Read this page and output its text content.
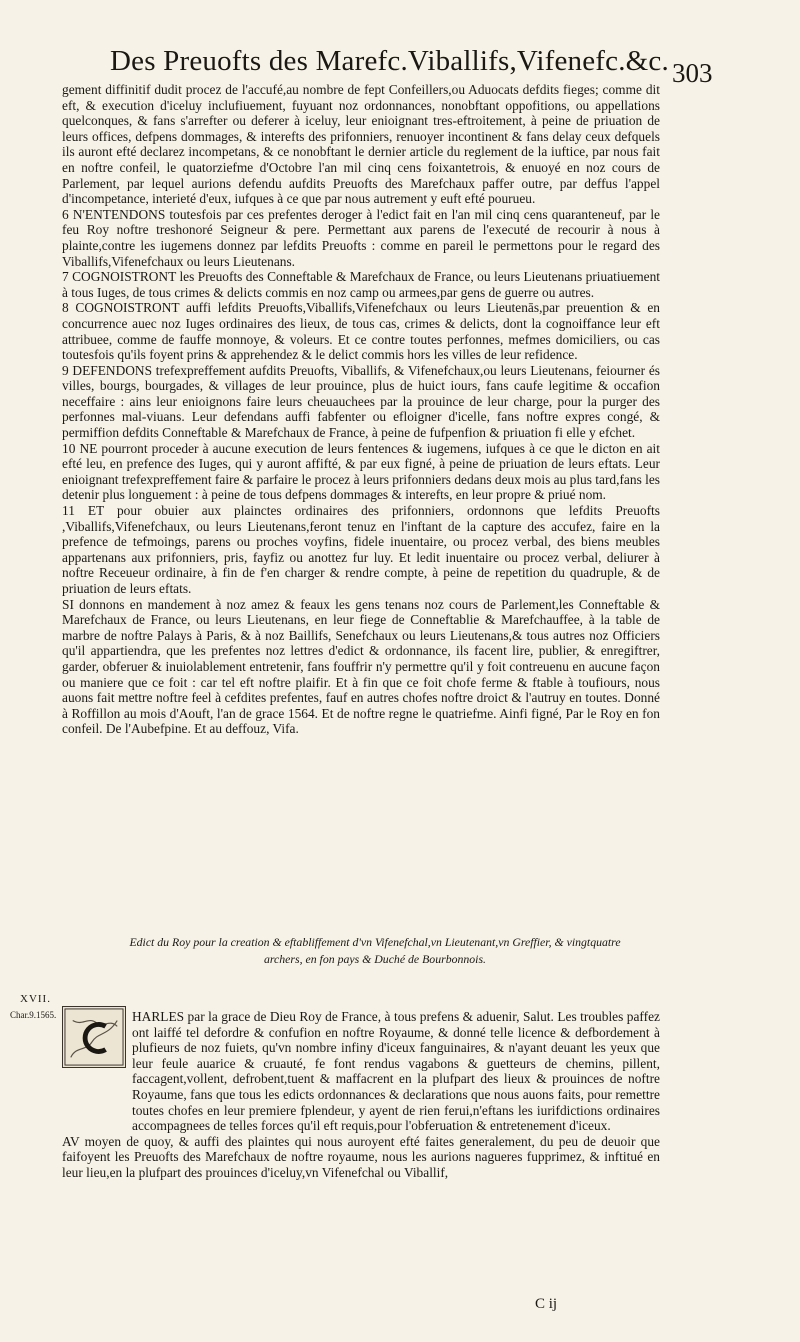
Des Preuofts des Marefc.Viballifs,Vifenefc.&c. 303

gement diffinitif dudit procez de l'accufé,au nombre de fept Confeillers,ou Aduocats defdits fieges; comme dit eft, & execution d'iceluy inclufiuement, fuyuant noz ordonnances, nonobftant oppofitions, ou appellations quelconques, & fans s'arrefter ou deferer à iceluy, leur enioignant tres-eftroitement, à peine de priuation de leurs offices, defpens dommages, & interefts des prifonniers, renuoyer incontinent & fans delay ceux defquels ils auront efté declarez incompetans, & ce nonobftant le dernier article du reglement de la iuftice, par nous fait en noftre confeil, le quatorziefme d'Octobre l'an mil cinq cens foixantetrois, & enuoyé en noz cours de Parlement, par lequel aurions defendu aufdits Preuofts des Marefchaux paffer outre, par deffus l'appel d'incompetance, interieté d'eux, iufques à ce que par nous autrement y euft efté pourueu.

6 N'ENTENDONS toutesfois par ces prefentes deroger à l'edict fait en l'an mil cinq cens quaranteneuf, par le feu Roy noftre treshonoré Seigneur & pere. Permettant aux parens de l'executé de recourir à nous à plainte,contre les iugemens donnez par lefdits Preuofts : comme en pareil le permettons pour le regard des Viballifs,Vifenefchaux ou leurs Lieutenans.

7 COGNOISTRONT les Preuofts des Conneftable & Marefchaux de France, ou leurs Lieutenans priuatiuement à tous Iuges, de tous crimes & delicts commis en noz camp ou armees,par gens de guerre ou autres.

8 COGNOISTRONT auffi lefdits Preuofts,Viballifs,Vifenefchaux ou leurs Lieutenās,par preuention & en concurrence auec noz Iuges ordinaires des lieux, de tous cas, crimes & delicts, dont la cognoiffance leur eft attribuee, comme de fauffe monnoye, & voleurs. Et ce contre toutes perfonnes, mefmes domiciliers, ou cas toutesfois qu'ils foyent prins & apprehendez & le delict commis hors les villes de leur refidence.

9 DEFENDONS trefexpreffement aufdits Preuofts, Viballifs, & Vifenefchaux,ou leurs Lieutenans, feiourner és villes, bourgs, bourgades, & villages de leur prouince, plus de huict iours, fans caufe legitime & occafion neceffaire : ains leur enioignons faire leurs cheuauchees par la prouince de leur charge, pour la purger des perfonnes mal-viuans. Leur defendans auffi fabfenter ou efloigner d'icelle, fans noftre expres congé, & permiffion defdits Conneftable & Marefchaux de France, à peine de fufpenfion & priuation fi elle y efchet.

10 NE pourront proceder à aucune execution de leurs fentences & iugemens, iufques à ce que le dicton en ait efté leu, en prefence des Iuges, qui y auront affifté, & par eux figné, à peine de priuation de leurs eftats. Leur enioignant trefexpreffement faire & parfaire le procez à leurs prifonniers dedans deux mois au plus tard,fans les detenir plus longuement : à peine de tous defpens dommages & interefts, en leur propre & priué nom.

11 ET pour obuier aux plainctes ordinaires des prifonniers, ordonnons que lefdits Preuofts ,Viballifs,Vifenefchaux, ou leurs Lieutenans,feront tenuz en l'inftant de la capture des accufez, faire en la prefence de tefmoings, parens ou proches voyfins, fidele inuentaire, ou procez verbal, des biens meubles appartenans aux prifonniers, pris, fayfiz ou anottez fur luy. Et ledit inuentaire ou procez verbal, deliurer à noftre Receueur ordinaire, à fin de f'en charger & rendre compte, à peine de repetition du quadruple, & de priuation de leurs eftats.

SI donnons en mandement à noz amez & feaux les gens tenans noz cours de Parlement,les Conneftable & Marefchaux de France, ou leurs Lieutenans, en leur fiege de Conneftablie & Marefchauffee, à la table de marbre de noftre Palays à Paris, & à noz Baillifs, Senefchaux ou leurs Lieutenans,& tous autres noz Officiers qu'il appartiendra, que les prefentes noz lettres d'edict & ordonnance, ils facent lire, publier, & enregiftrer, garder, obferuer & inuiolablement entretenir, fans fouffrir n'y permettre qu'il y foit contreuenu en aucune façon ou maniere que ce foit : car tel eft noftre plaifir. Et à fin que ce foit chofe ferme & ftable à toufiours, nous auons fait mettre noftre feel à cefdites prefentes, fauf en autres chofes noftre droict & l'autruy en toutes. Donné à Roffillon au mois d'Aouft, l'an de grace 1564. Et de noftre regne le quatriefme. Ainfi figné, Par le Roy en fon confeil. De l'Aubefpine. Et au deffouz, Vifa.

Edict du Roy pour la creation & eftabliffement d'vn Vifenefchal,vn Lieutenant,vn Greffier, & vingtquatre archers, en fon pays & Duché de Bourbonnois.
XVII.
Char.9.1565.	HARLES par la grace de Dieu Roy de France, à tous prefens & aduenir, Salut. Les troubles paffez ont laiffé tel defordre & confufion en noftre Royaume, & donné telle licence & defbordement à plufieurs de noz fuiets, qu'vn nombre infiny d'iceux fanguinaires, & n'ayant deuant les yeux que leur feule auarice & cruauté, fe font rendus vagabons & guetteurs de chemins, pillent, faccagent,vollent, defrobent,tuent & maffacrent en la plufpart des lieux & prouinces de noftre Royaume, fans que tous les edicts ordonnances & declarations que nous auons faits, pour remettre toutes chofes en leur premiere fplendeur, y ayent de rien ferui,n'eftans les iurifdictions ordinaires accompagnees de telles forces qu'il eft requis,pour l'obferuation & entretenement d'iceux.

AV moyen de quoy, & auffi des plaintes qui nous auroyent efté faites generalement, du peu de deuoir que faifoyent les Preuofts des Marefchaux de noftre royaume, nous les aurions nagueres fupprimez, & inftitué en leur lieu,en la plufpart des prouinces d'iceluy,vn Vifenefchal ou Viballif,

C ij
